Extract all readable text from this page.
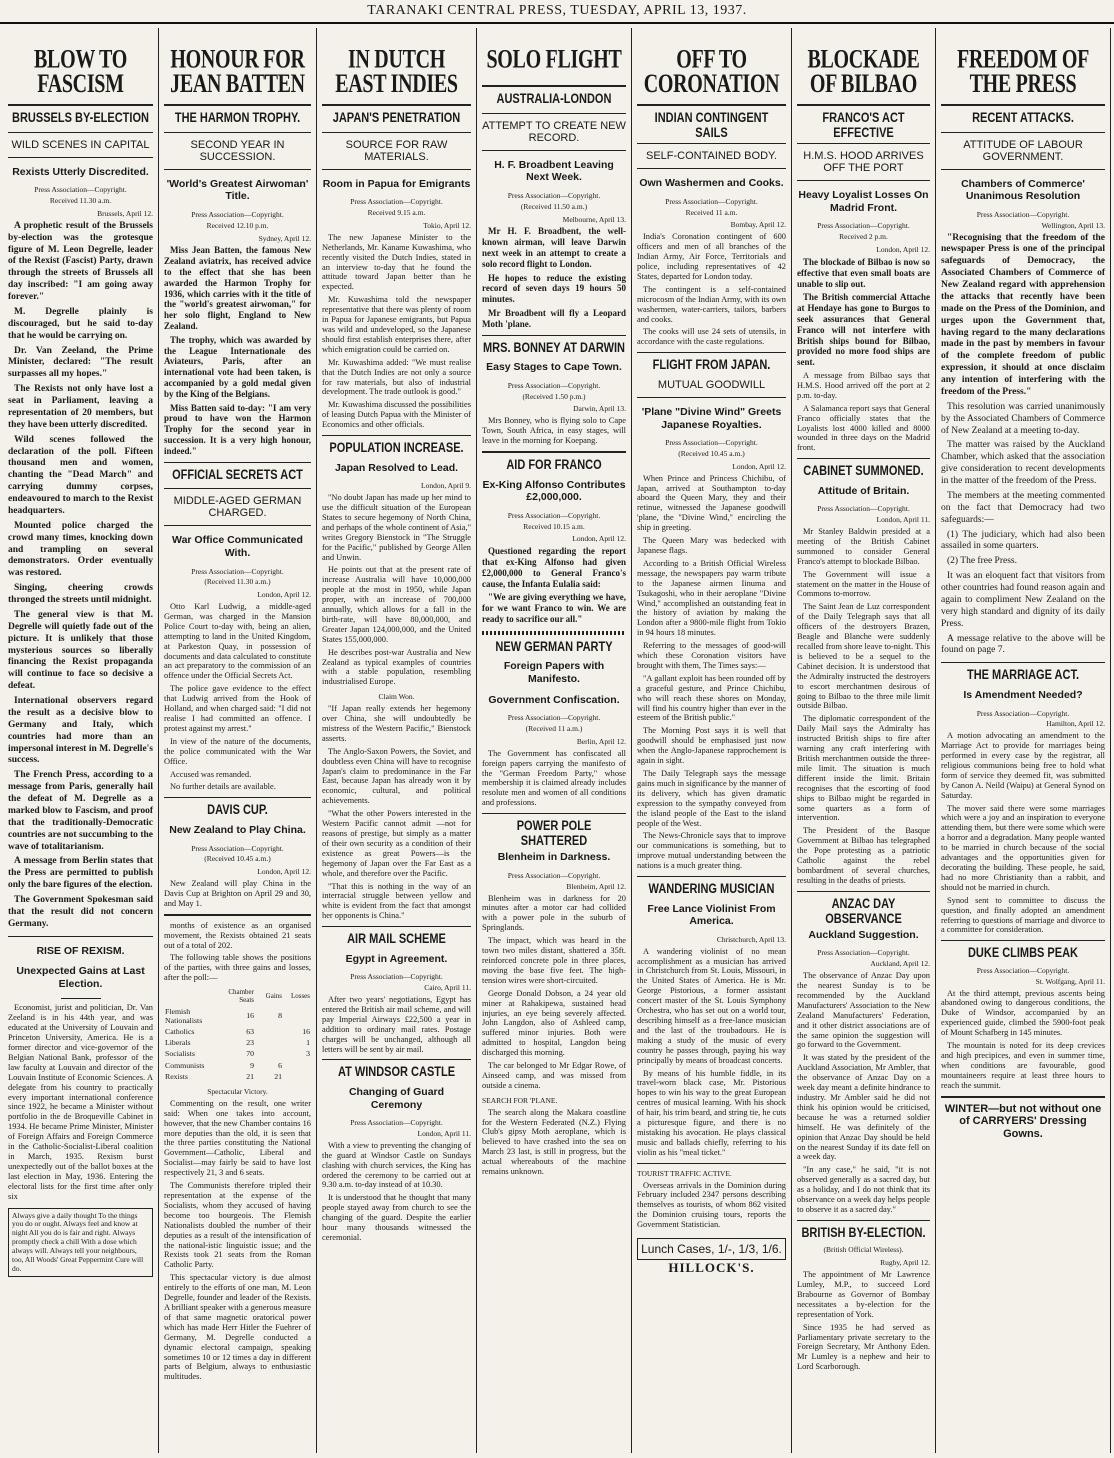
TARANAKI CENTRAL PRESS, TUESDAY, APRIL 13, 1937.
BLOW TO FASCISM
BRUSSELS BY-ELECTION
WILD SCENES IN CAPITAL
Rexists Utterly Discredited.
Press Association—Copyright.
Received 11.30 a.m.
Brussels, April 12.

A prophetic result of the Brussels by-election was the grotesque figure of M. Leon Degrelle, leader of the Rexist (Fascist) Party, drawn through the streets of Brussels all day inscribed: "I am going away forever."

M. Degrelle plainly is discouraged, but he said to-day that he would be carrying on.

Dr. Van Zeeland, the Prime Minister, declared: "The result surpasses all my hopes."

The Rexists not only have lost a seat in Parliament, leaving a representation of 20 members, but they have been utterly discredited.

Wild scenes followed the declaration of the poll. Fifteen thousand men and women, chanting the "Dead March" and carrying dummy corpses, endeavoured to march to the Rexist headquarters.

Mounted police charged the crowd many times, knocking down and trampling on several demonstrators. Order eventually was restored.

Singing, cheering crowds thronged the streets until midnight.

The general view is that M. Degrelle will quietly fade out of the picture. It is unlikely that those mysterious sources so liberally financing the Rexist propaganda will continue to face so decisive a defeat.

International observers regard the result as a decisive blow to Germany and Italy, which countries had more than an impersonal interest in M. Degrelle's success.

The French Press, according to a message from Paris, generally hail the defeat of M. Degrelle as a marked blow to Fascism, and proof that the traditionally-Democratic countries are not succumbing to the wave of totalitarianism.

A message from Berlin states that the Press are permitted to publish only the bare figures of the election.

The Government Spokesman said that the result did not concern Germany.

RISE OF REXISM.
Unexpected Gains at Last Election.

Economist, jurist and politician, Dr. Van Zeeland is in his 44th year, and was educated at the University of Louvain and Princeton University, America. He is a former director and vice-governor of the Belgian National Bank, professor of the law faculty at Louvain and director of the Louvain Institute of Economic Sciences. A delegate from his country to practically every important international conference since 1922, he became a Minister without portfolio in the de Broqueville Cabinet in 1934. He became Prime Minister, Minister of Foreign Affairs and Foreign Commerce in the Catholic-Socialist-Liberal coalition in March, 1935. Rexism burst unexpectedly out of the ballot boxes at the last election in May, 1936. Entering the electoral lists for the first time after only six

Always give a daily thought To the things you do or ought. Always feel and know at night All you do is fair and right. Always promptly check a chill With a dose which always will. Always tell your neighbours, too, All Woods' Great Peppermint Cure will do.
HONOUR FOR JEAN BATTEN
THE HARMON TROPHY.
SECOND YEAR IN SUCCESSION.
'World's Greatest Airwoman' Title.
Press Association—Copyright.
Received 12.10 p.m.
Sydney, April 12.

Miss Jean Batten, the famous New Zealand aviatrix, has received advice to the effect that she has been awarded the Harmon Trophy for 1936, which carries with it the title of the "world's greatest airwoman," for her solo flight, England to New Zealand.

The trophy, which was awarded by the League Internationale des Aviateurs, Paris, after an international vote had been taken, is accompanied by a gold medal given by the King of the Belgians.

Miss Batten said to-day: "I am very proud to have won the Harmon Trophy for the second year in succession. It is a very high honour, indeed."

OFFICIAL SECRETS ACT
MIDDLE-AGED GERMAN CHARGED.
War Office Communicated With.
Press Association—Copyright.
(Received 11.30 a.m.)
London, April 12.

Otto Karl Ludwig, a middle-aged German, was charged in the Mansion Police Court to-day with, being an alien, attempting to land in the United Kingdom, at Parkeston Quay, in possession of documents and data calculated to constitute an act preparatory to the commission of an offence under the Official Secrets Act.

The police gave evidence to the effect that Ludwig arrived from the Hook of Holland, and when charged said: "I did not realise I had committed an offence. I protest against my arrest."

In view of the nature of the documents, the police communicated with the War Office.

Accused was remanded.

No further details are available.

DAVIS CUP.
New Zealand to Play China.
Press Association—Copyright.
(Received 10.45 a.m.)
London, April 12.

New Zealand will play China in the Davis Cup at Brighton on April 29 and 30, and May 1.

months of existence as an organised movement, the Rexists obtained 21 seats out of a total of 202.

The following table shows the positions of the parties, with three gains and losses, after the poll:—

	Chamber Seats	Gains	Losses
Flemish Nationalists	16	8	
Catholics	63		16
Liberals	23		1
Socialists	70		3
Communists	9	6	
Rexists	21	21	
Spectacular Victory.

Commenting on the result, one writer said: When one takes into account, however, that the new Chamber contains 16 more deputies than the old, it is seen that the three parties constituting the National Government—Catholic, Liberal and Socialist—may fairly be said to have lost respectively 21, 3 and 6 seats.

The Communists therefore tripled their representation at the expense of the Socialists, whom they accused of having become too bourgeois. The Flemish Nationalists doubled the number of their deputies as a result of the intensification of the national-istic linguistic issue; and the Rexists took 21 seats from the Roman Catholic Party.

This spectacular victory is due almost entirely to the efforts of one man, M. Leon Degrelle, founder and leader of the Rexists. A brilliant speaker with a generous measure of that same magnetic oratorical power which has made Herr Hitler the Fuehrer of Germany, M. Degrelle conducted a dynamic electoral campaign, speaking sometimes 10 or 12 times a day in different parts of Belgium, always to enthusiastic multitudes.

IN DUTCH EAST INDIES
JAPAN'S PENETRATION
SOURCE FOR RAW MATERIALS.
Room in Papua for Emigrants
Press Association—Copyright.
Received 9.15 a.m.
Tokio, April 12.

The new Japanese Minister to the Netherlands, Mr. Kaname Kuwashima, who recently visited the Dutch Indies, stated in an interview to-day that he found the attitude toward Japan better than he expected.

Mr. Kuwashima told the newspaper representative that there was plenty of room in Papua for Japanese emigrants, but Papua was wild and undeveloped, so the Japanese should first establish enterprises there, after which emigration could be carried on.

Mr. Kuwashima added: "We must realise that the Dutch Indies are not only a source for raw materials, but also of industrial development. The trade outlook is good."

Mr. Kuwashima discussed the possibilities of leasing Dutch Papua with the Minister of Economics and other officials.

POPULATION INCREASE.
Japan Resolved to Lead.
London, April 9.

"No doubt Japan has made up her mind to use the difficult situation of the European States to secure hegemony of North China, and perhaps of the whole continent of Asia," writes Gregory Bienstock in "The Struggle for the Pacific," published by George Allen and Unwin.

He points out that at the present rate of increase Australia will have 10,000,000 people at the most in 1950, while Japan proper, with an increase of 700,000 annually, which allows for a fall in the birth-rate, will have 80,000,000, and Greater Japan 124,000,000, and the United States 155,000,000.

He describes post-war Australia and New Zealand as typical examples of countries with a stable population, resembling industrialised Europe.

Claim Won.

"If Japan really extends her hegemony over China, she will undoubtedly be mistress of the Western Pacific," Bienstock asserts.

The Anglo-Saxon Powers, the Soviet, and doubtless even China will have to recognise Japan's claim to predominance in the Far East, because Japan has already won it by economic, cultural, and political achievements.

"What the other Powers interested in the Western Pacific cannot admit —not for reasons of prestige, but simply as a matter of their own security as a condition of their existence as great Powers—is the hegemony of Japan over the Far East as a whole, and therefore over the Pacific.

"That this is nothing in the way of an interracial struggle between yellow and white is evident from the fact that amongst her opponents is China."

AIR MAIL SCHEME
Egypt in Agreement.
Press Association—Copyright.
Cairo, April 11.

After two years' negotiations, Egypt has entered the British air mail scheme, and will pay Imperial Airways £22,500 a year in addition to ordinary mail rates. Postage charges will be unchanged, although all letters will be sent by air mail.

AT WINDSOR CASTLE
Changing of Guard Ceremony
Press Association—Copyright.
London, April 11.

With a view to preventing the changing of the guard at Windsor Castle on Sundays clashing with church services, the King has ordered the ceremony to be carried out at 9.30 a.m. to-day instead of at 10.30.

It is understood that he thought that many people stayed away from church to see the changing of the guard. Despite the earlier hour many thousands witnessed the ceremonial.

SOLO FLIGHT
AUSTRALIA-LONDON
ATTEMPT TO CREATE NEW RECORD.
H. F. Broadbent Leaving Next Week.
Press Association—Copyright.
(Received 11.50 a.m.)
Melbourne, April 13.

Mr H. F. Broadbent, the well-known airman, will leave Darwin next week in an attempt to create a solo record flight to London.

He hopes to reduce the existing record of seven days 19 hours 50 minutes.

Mr Broadbent will fly a Leopard Moth 'plane.

MRS. BONNEY AT DARWIN
Easy Stages to Cape Town.
Press Association—Copyright.
(Received 1.50 p.m.)
Darwin, April 13.

Mrs Bonney, who is flying solo to Cape Town, South Africa, in easy stages, will leave in the morning for Koepang.

AID FOR FRANCO
Ex-King Alfonso Contributes £2,000,000.
Press Association—Copyright.
Received 10.15 a.m.
London, April 12.

Questioned regarding the report that ex-King Alfonso had given £2,000,000 to General Franco's cause, the Infanta Eulalia said:

"We are giving everything we have, for we want Franco to win. We are ready to sacrifice our all."

NEW GERMAN PARTY
Foreign Papers with Manifesto.
Government Confiscation.
Press Association—Copyright.
(Received 11 a.m.)
Berlin, April 12.

The Government has confiscated all foreign papers carrying the manifesto of the "German Freedom Party," whose membership it is claimed already includes resolute men and women of all conditions and professions.

POWER POLE SHATTERED
Blenheim in Darkness.
Press Association—Copyright.
Blenheim, April 12.

Blenheim was in darkness for 20 minutes after a motor car had collided with a power pole in the suburb of Springlands.

The impact, which was heard in the town two miles distant, shattered a 35ft. reinforced concrete pole in three places, moving the base five feet. The high-tension wires were short-circuited.

George Donald Dobson, a 24 year old miner at Rahakipewa, sustained head injuries, an eye being severely affected. John Langdon, also of Ashleed camp, suffered minor injuries. Both were admitted to hospital, Langdon being discharged this morning.

The car belonged to Mr Edgar Rowe, of Ainseed camp, and was missed from outside a cinema.

SEARCH FOR 'PLANE.

The search along the Makara coastline for the Western Federated (N.Z.) Flying Club's gipsy Moth aeroplane, which is believed to have crashed into the sea on March 23 last, is still in progress, but the actual whereabouts of the machine remains unknown.

OFF TO CORONATION
INDIAN CONTINGENT SAILS
SELF-CONTAINED BODY.
Own Washermen and Cooks.
Press Association—Copyright.
Received 11 a.m.
Bombay, April 12.

India's Coronation contingent of 600 officers and men of all branches of the Indian Army, Air Force, Territorials and police, including representatives of 42 States, departed for London today.

The contingent is a self-contained microcosm of the Indian Army, with its own washermen, water-carriers, tailors, barbers and cooks.

The cooks will use 24 sets of utensils, in accordance with the caste regulations.

FLIGHT FROM JAPAN.
MUTUAL GOODWILL
'Plane "Divine Wind" Greets Japanese Royalties.
Press Association—Copyright.
(Received 10.45 a.m.)
London, April 12.

When Prince and Princess Chichibu, of Japan, arrived at Southampton to-day aboard the Queen Mary, they and their retinue, witnessed the Japanese goodwill 'plane, the "Divine Wind," encircling the ship in greeting.

The Queen Mary was bedecked with Japanese flags.

According to a British Official Wireless message, the newspapers pay warm tribute to the Japanese airmen Iinuma and Tsukagoshi, who in their aeroplane "Divine Wind," accomplished an outstanding feat in the history of aviation by making the London after a 9800-mile flight from Tokio in 94 hours 18 minutes.

Referring to the messages of good-will which these Coronation visitors have brought with them, The Times says:—

"A gallant exploit has been rounded off by a graceful gesture, and Prince Chichibu, who will reach these shores on Monday, will find his country higher than ever in the esteem of the British public."

The Morning Post says it is well that goodwill should be emphasised just now when the Anglo-Japanese rapprochement is again in sight.

The Daily Telegraph says the message gains much in significance by the manner of its delivery, which has given dramatic expression to the sympathy conveyed from the island people of the East to the island people of the West.

The News-Chronicle says that to improve our communications is something, but to improve mutual understanding between the nations is a much greater thing.

WANDERING MUSICIAN
Free Lance Violinist From America.
Christchurch, April 13.

A wandering violinist of no mean accomplishment as a musician has arrived in Christchurch from St. Louis, Missouri, in the United States of America. He is Mr. George Pistorious, a former assistant concert master of the St. Louis Symphony Orchestra, who has set out on a world tour, describing himself as a free-lance musician and the last of the troubadours. He is making a study of the music of every country he passes through, paying his way principally by means of broadcast concerts.

By means of his humble fiddle, in its travel-worn black case, Mr. Pistorious hopes to win his way to the great European centres of musical learning. With his shock of hair, his trim beard, and string tie, he cuts a picturesque figure, and there is no mistaking his avocation. He plays classical music and ballads chiefly, referring to his violin as his "meal ticket."

TOURIST TRAFFIC ACTIVE.

Overseas arrivals in the Dominion during February included 2347 persons describing themselves as tourists, of whom 862 visited the Dominion cruising tours, reports the Government Statistician.

Lunch Cases, 1/-, 1/3, 1/6.
HILLOCK'S.
BLOCKADE OF BILBAO
FRANCO'S ACT EFFECTIVE
H.M.S. HOOD ARRIVES OFF THE PORT
Heavy Loyalist Losses On Madrid Front.
Press Association—Copyright.
Received 2 p.m.
London, April 12.

The blockade of Bilbao is now so effective that even small boats are unable to slip out.

The British commercial Attache at Hendaye has gone to Burgos to seek assurances that General Franco will not interfere with British ships bound for Bilbao, provided no more food ships are sent.

A message from Bilbao says that H.M.S. Hood arrived off the port at 2 p.m. to-day.

A Salamanca report says that General Franco officially states that the Loyalists lost 4000 killed and 8000 wounded in three days on the Madrid front.

CABINET SUMMONED.
Attitude of Britain.
Press Association—Copyright.
London, April 11.

Mr Stanley Baldwin presided at a meeting of the British Cabinet summoned to consider General Franco's attempt to blockade Bilbao.

The Government will issue a statement on the matter in the House of Commons to-morrow.

The Saint Jean de Luz correspondent of the Daily Telegraph says that all officers of the destroyers Brazen, Beagle and Blanche were suddenly recalled from shore leave to-night. This is believed to be a sequel to the Cabinet decision. It is understood that the Admiralty instructed the destroyers to escort merchantmen desirous of going to Bilbao to the three mile limit outside Bilbao.

The diplomatic correspondent of the Daily Mail says the Admiralty has instructed British ships to fire after warning any craft interfering with British merchantmen outside the three-mile limit. The situation is much different inside the limit. Britain recognises that the escorting of food ships to Bilbao might be regarded in some quarters as a form of intervention.

The President of the Basque Government at Bilbao has telegraphed the Pope protesting as a patriotic Catholic against the rebel bombardment of several churches, resulting in the deaths of priests.

ANZAC DAY OBSERVANCE
Auckland Suggestion.
Press Association—Copyright.
Auckland, April 12.

The observance of Anzac Day upon the nearest Sunday is to be recommended by the Auckland Manufacturers' Association to the New Zealand Manufacturers' Federation, and it other district associations are of the same opinion the suggestion will go forward to the Government.

It was stated by the president of the Auckland Association, Mr Ambler, that the observance of Anzac Day on a week day meant a definite hindrance to industry. Mr Ambler said he did not think his opinion would be criticised, because he was a returned soldier himself. He was definitely of the opinion that Anzac Day should be held on the nearest Sunday if its date fell on a week day.

"In any case," he said, "it is not observed generally as a sacred day, but as a holiday, and I do not think that its observance on a week day helps people to observe it as a sacred day."

BRITISH BY-ELECTION.
(British Official Wireless).
Rugby, April 12.

The appointment of Mr Lawrence Lumley, M.P., to succeed Lord Brabourne as Governor of Bombay necessitates a by-election for the representation of York.

Since 1935 he had served as Parliamentary private secretary to the Foreign Secretary, Mr Anthony Eden. Mr Lumley is a nephew and heir to Lord Scarborough.

FREEDOM OF THE PRESS
RECENT ATTACKS.
ATTITUDE OF LABOUR GOVERNMENT.
Chambers of Commerce' Unanimous Resolution
Press Association—Copyright.
Wellington, April 13.

"Recognising that the freedom of the newspaper Press is one of the principal safeguards of Democracy, the Associated Chambers of Commerce of New Zealand regard with apprehension the attacks that recently have been made on the Press of the Dominion, and urges upon the Government that, having regard to the many declarations made in the past by members in favour of the complete freedom of public expression, it should at once disclaim any intention of interfering with the freedom of the Press."

This resolution was carried unanimously by the Associated Chambers of Commerce of New Zealand at a meeting to-day.

The matter was raised by the Auckland Chamber, which asked that the association give consideration to recent developments in the matter of the freedom of the Press.

The members at the meeting commented on the fact that Democracy had two safeguards:—

(1) The judiciary, which had also been assailed in some quarters.

(2) The free Press.

It was an eloquent fact that visitors from other countries had found reason again and again to compliment New Zealand on the very high standard and dignity of its daily Press.

A message relative to the above will be found on page 7.

THE MARRIAGE ACT.
Is Amendment Needed?
Press Association—Copyright.
Hamilton, April 12.

A motion advocating an amendment to the Marriage Act to provide for marriages being performed in every case by the registrar, all religious communions being free to hold what form of service they deemed fit, was submitted by Canon A. Neild (Waipu) at General Synod on Saturday.

The mover said there were some marriages which were a joy and an inspiration to everyone attending them, but there were some which were a horror and a degradation. Many people wanted to be married in church because of the social advantages and the opportunities given for decorating the building. These people, he said, had no more Christianity than a rabbit, and should not be married in church.

Synod sent to committee to discuss the question, and finally adopted an amendment referring to questions of marriage and divorce to a committee for consideration.

DUKE CLIMBS PEAK
Press Association—Copyright.
St. Wolfgang, April 11.

At the third attempt, previous ascents being abandoned owing to dangerous conditions, the Duke of Windsor, accompanied by an experienced guide, climbed the 5900-foot peak of Mount Schafberg in 145 minutes.

The mountain is noted for its deep crevices and high precipices, and even in summer time, when conditions are favourable, good mountaineers require at least three hours to reach the summit.

WINTER—but not without one of CARRYERS' Dressing Gowns.
